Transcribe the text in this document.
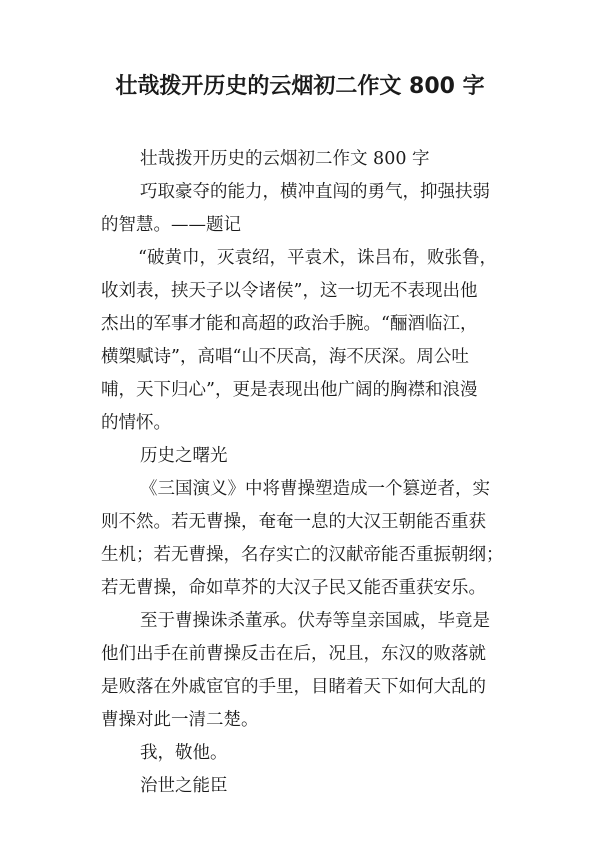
壮哉拨开历史的云烟初二作文 800 字

壮哉拨开历史的云烟初二作文 800 字

巧取豪夺的能力，横冲直闯的勇气，抑强扶弱

的智慧。——题记

“破黄巾，灭袁绍，平袁术，诛吕布，败张鲁，

收刘表，挟天子以令诸侯”，这一切无不表现出他

杰出的军事才能和高超的政治手腕。“酾酒临江，

横槊赋诗”，高唱“山不厌高，海不厌深。周公吐

哺，天下归心”，更是表现出他广阔的胸襟和浪漫

的情怀。

历史之曙光

《三国演义》中将曹操塑造成一个篡逆者，实

则不然。若无曹操，奄奄一息的大汉王朝能否重获

生机；若无曹操，名存实亡的汉献帝能否重振朝纲；

若无曹操，命如草芥的大汉子民又能否重获安乐。

至于曹操诛杀董承。伏寿等皇亲国戚，毕竟是

他们出手在前曹操反击在后，况且，东汉的败落就

是败落在外戚宦官的手里，目睹着天下如何大乱的

曹操对此一清二楚。

我，敬他。

治世之能臣
